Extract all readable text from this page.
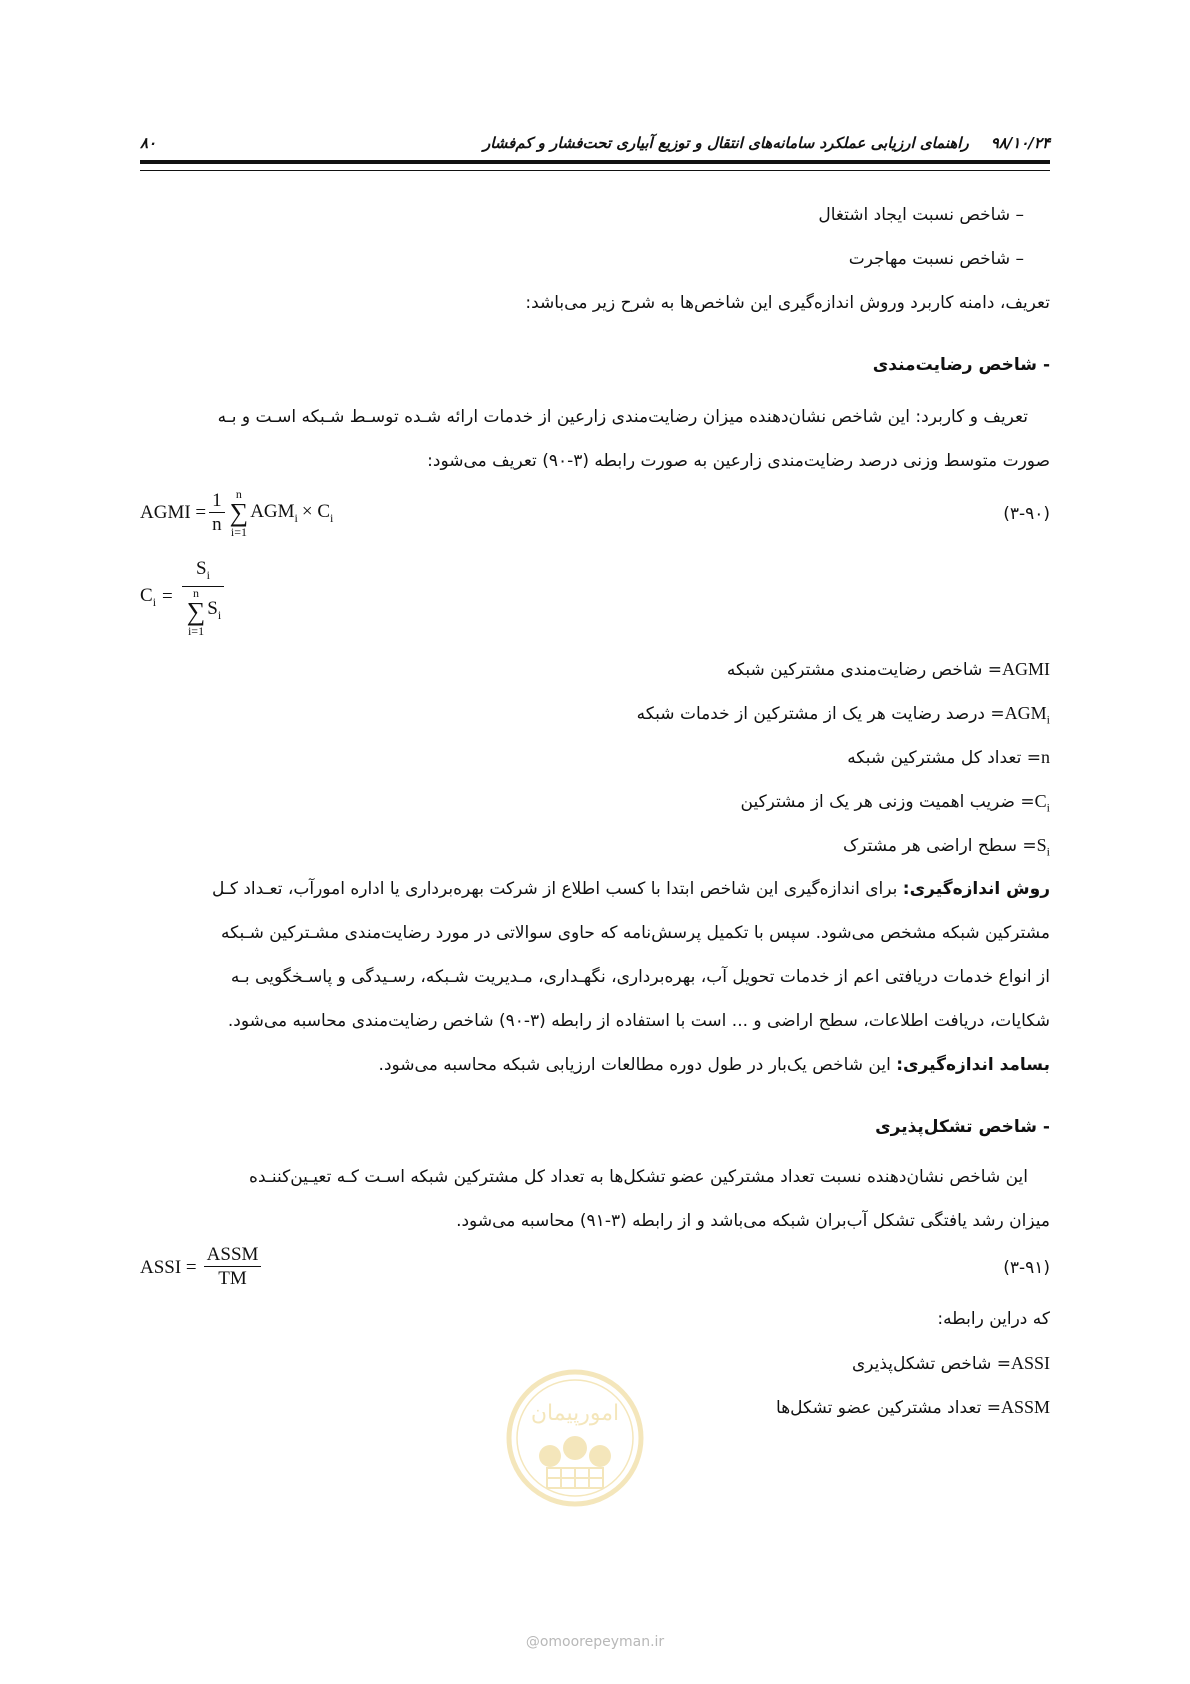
۸۰	۹۸/۱۰/۲۴
راهنمای ارزیابی عملکرد سامانه‌های انتقال و توزیع آبیاری تحت‌فشار و کم‌فشار
– شاخص نسبت ایجاد اشتغال
– شاخص نسبت مهاجرت
تعریف، دامنه کاربرد وروش اندازه‌گیری این شاخص‌ها به شرح زیر می‌باشد:
- شاخص رضایت‌مندی
تعریف و کاربرد: این شاخص نشان‌دهنده میزان رضایت‌مندی زارعین از خدمات ارائه شـده توسـط شـبکه اسـت و بـه
صورت متوسط وزنی درصد رضایت‌مندی زارعین به صورت رابطه (۳-۹۰) تعریف می‌شود:
AGMI = $\frac{1}{n}$ n
∑
i=1
$AGM_i \times C_i$	(۳-۹۰)
$C_i = S_i$
n
∑
i=1
$S_i$
AGMI= شاخص رضایت‌مندی مشترکین شبکه
$AGM_i=$ درصد رضایت هر یک از مشترکین از خدمات شبکه
n= تعداد کل مشترکین شبکه
$C_i=$ ضریب اهمیت وزنی هر یک از مشترکین
$S_i=$ سطح اراضی هر مشترک
روش اندازه‌گیری: برای اندازه‌گیری این شاخص ابتدا با کسب اطلاع از شرکت بهره‌برداری یا اداره امورآب، تعـداد کـل
مشترکین شبکه مشخص می‌شود. سپس با تکمیل پرسش‌نامه که حاوی سوالاتی در مورد رضایت‌مندی مشـترکین شـبکه
از انواع خدمات دریافتی اعم از خدمات تحویل آب، بهره‌برداری، نگهـداری، مـدیریت شـبکه، رسـیدگی و پاسـخگویی بـه
شکایات، دریافت اطلاعات، سطح اراضی و ... است با استفاده از رابطه (۳-۹۰) شاخص رضایت‌مندی محاسبه می‌شود.
بسامد اندازه‌گیری: این شاخص یک‌بار در طول دوره مطالعات ارزیابی شبکه محاسبه می‌شود.
- شاخص تشکل‌پذیری
این شاخص نشان‌دهنده نسبت تعداد مشترکین عضو تشکل‌ها به تعداد کل مشترکین شبکه اسـت کـه تعیـین‌کننـده
میزان رشد یافتگی تشکل آب‌بران شبکه می‌باشد و از رابطه (۳-۹۱) محاسبه می‌شود.
ASSI = $\frac{\text{ASSM}}{TM}$	(۳-۹۱)
که دراین رابطه:
ASSI= شاخص تشکل‌پذیری
ASSM= تعداد مشترکین عضو تشکل‌ها
امورپیمان
@omoorepeyman.ir
